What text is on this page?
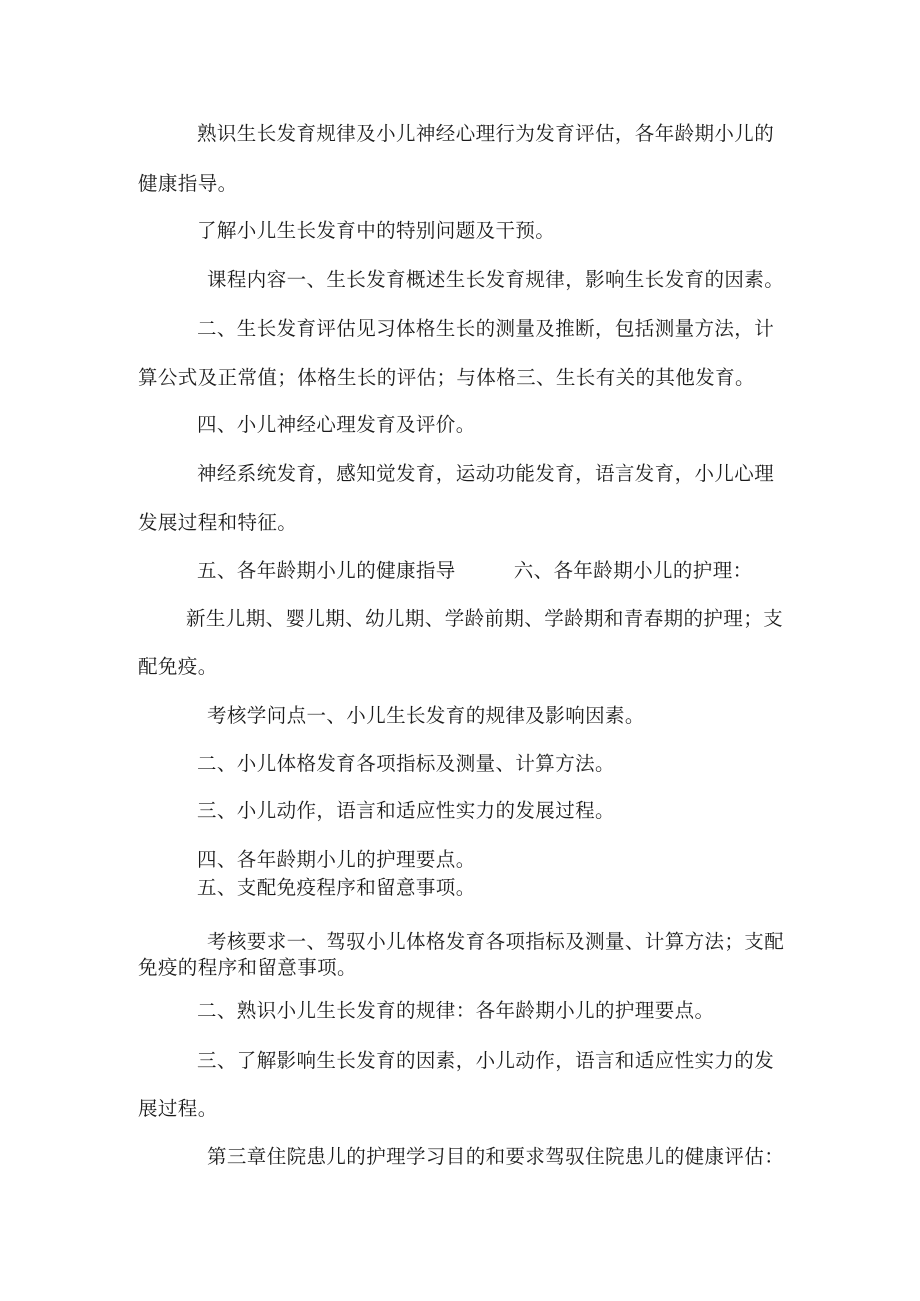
熟识生长发育规律及小儿神经心理行为发育评估，各年龄期小儿的
健康指导。
了解小儿生长发育中的特别问题及干预。
课程内容一、生长发育概述生长发育规律，影响生长发育的因素。
二、生长发育评估见习体格生长的测量及推断，包括测量方法，计
算公式及正常值；体格生长的评估；与体格三、生长有关的其他发育。
四、小儿神经心理发育及评价。
神经系统发育，感知觉发育，运动功能发育，语言发育，小儿心理
发展过程和特征。
五、各年龄期小儿的健康指导	六、各年龄期小儿的护理：
新生儿期、婴儿期、幼儿期、学龄前期、学龄期和青春期的护理；支
配免疫。
考核学问点一、小儿生长发育的规律及影响因素。
二、小儿体格发育各项指标及测量、计算方法。
三、小儿动作，语言和适应性实力的发展过程。
四、各年龄期小儿的护理要点。
五、支配免疫程序和留意事项。
考核要求一、驾驭小儿体格发育各项指标及测量、计算方法；支配
免疫的程序和留意事项。
二、熟识小儿生长发育的规律：各年龄期小儿的护理要点。
三、了解影响生长发育的因素，小儿动作，语言和适应性实力的发
展过程。
第三章住院患儿的护理学习目的和要求驾驭住院患儿的健康评估：
